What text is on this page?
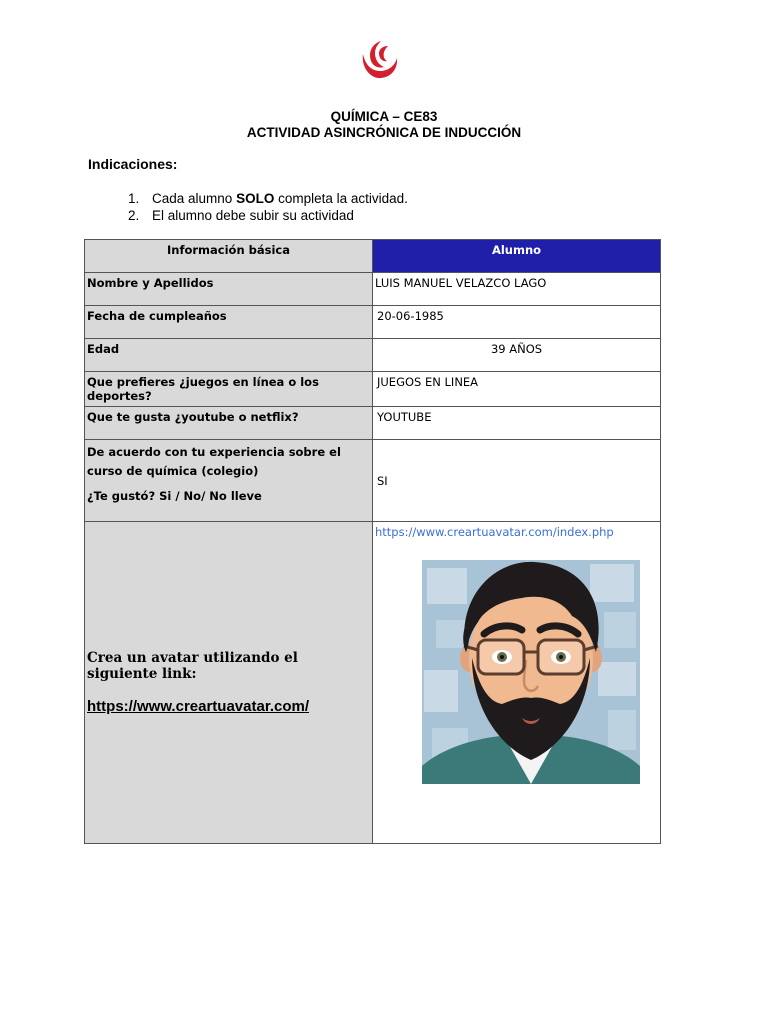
QUÍMICA – CE83
ACTIVIDAD ASINCRÓNICA DE INDUCCIÓN
Indicaciones:
1. Cada alumno SOLO completa la actividad.
2. El alumno debe subir su actividad
Información básica	Alumno
Nombre y Apellidos	LUIS MANUEL VELAZCO LAGO
Fecha de cumpleaños	20-06-1985
Edad	39 AÑOS
Que prefieres ¿juegos en línea o los deportes?	JUEGOS EN LINEA
Que te gusta ¿youtube o netflix?	YOUTUBE

De acuerdo con tu experiencia sobre el curso de química (colegio)
¿Te gustó? Si / No/ No lleve	SI

Crea un avatar utilizando el siguiente link:
https://www.creartuavatar.com/	https://www.creartuavatar.com/index.php
